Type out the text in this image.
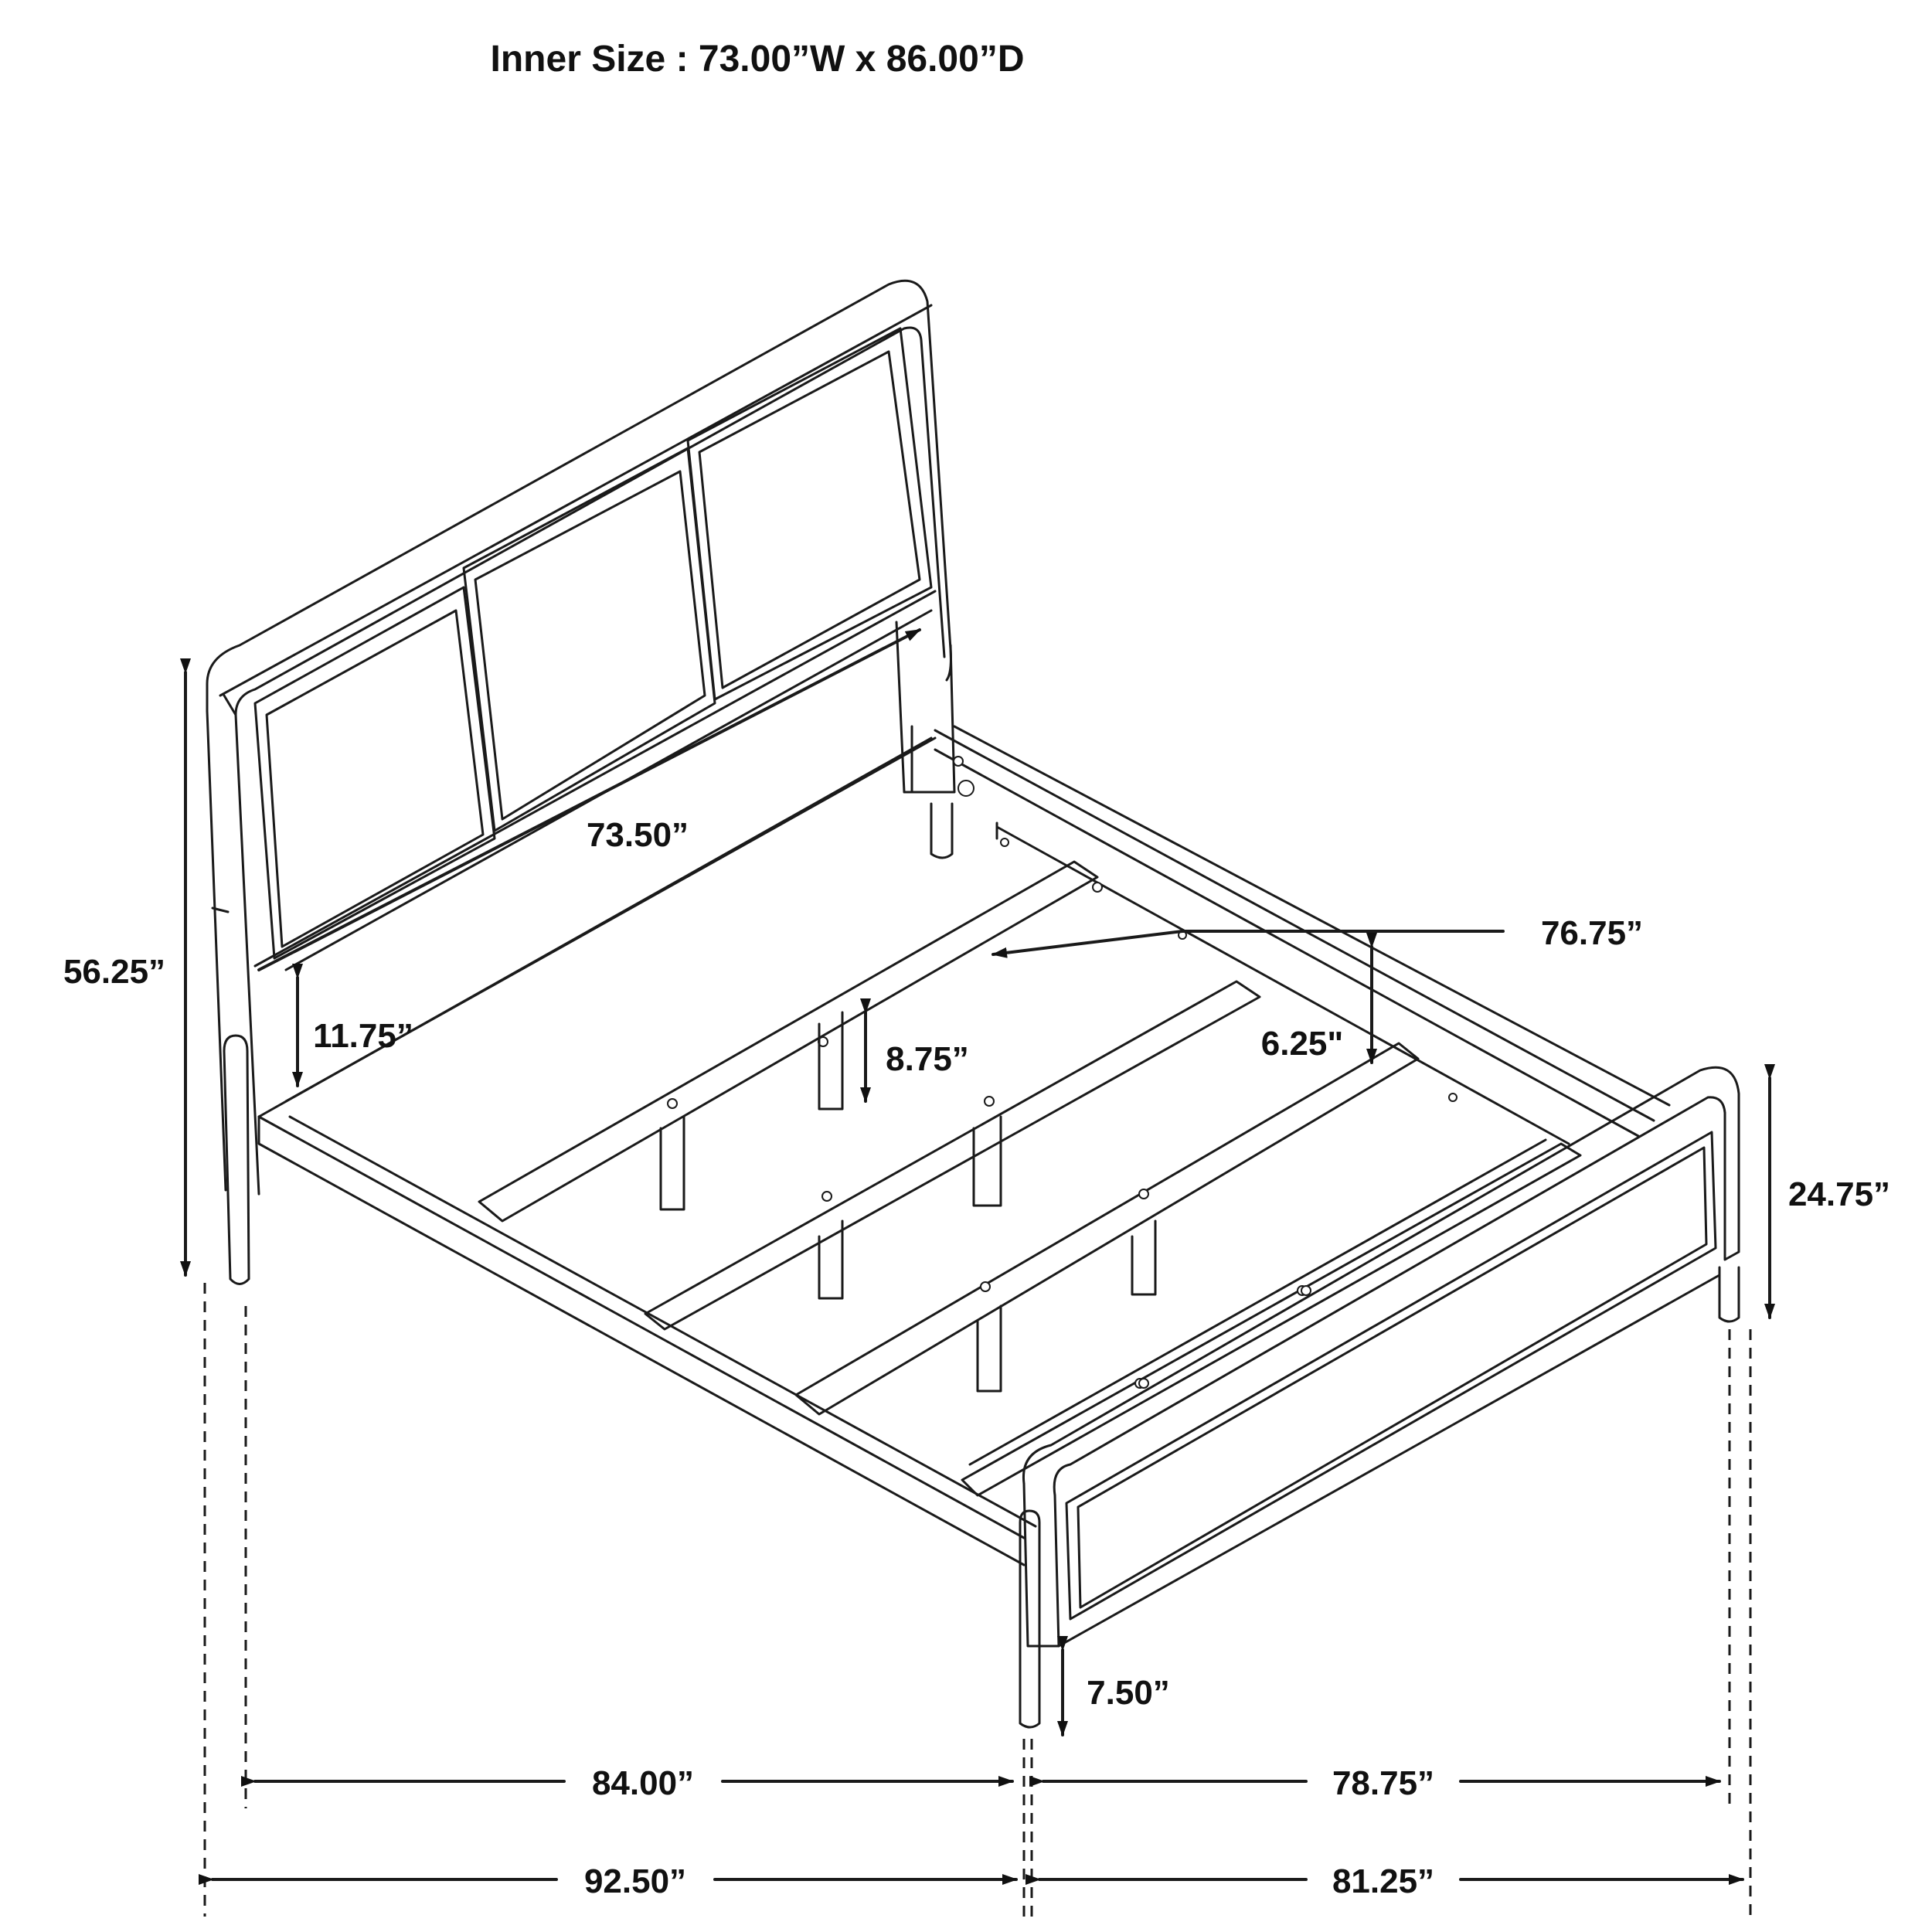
Inner Size : 73.00”W x 86.00”D
73.50”
76.75”
56.25”
11.75”
8.75”	6.25"
24.75”
7.50”
84.00”	78.75”
92.50”	81.25”
